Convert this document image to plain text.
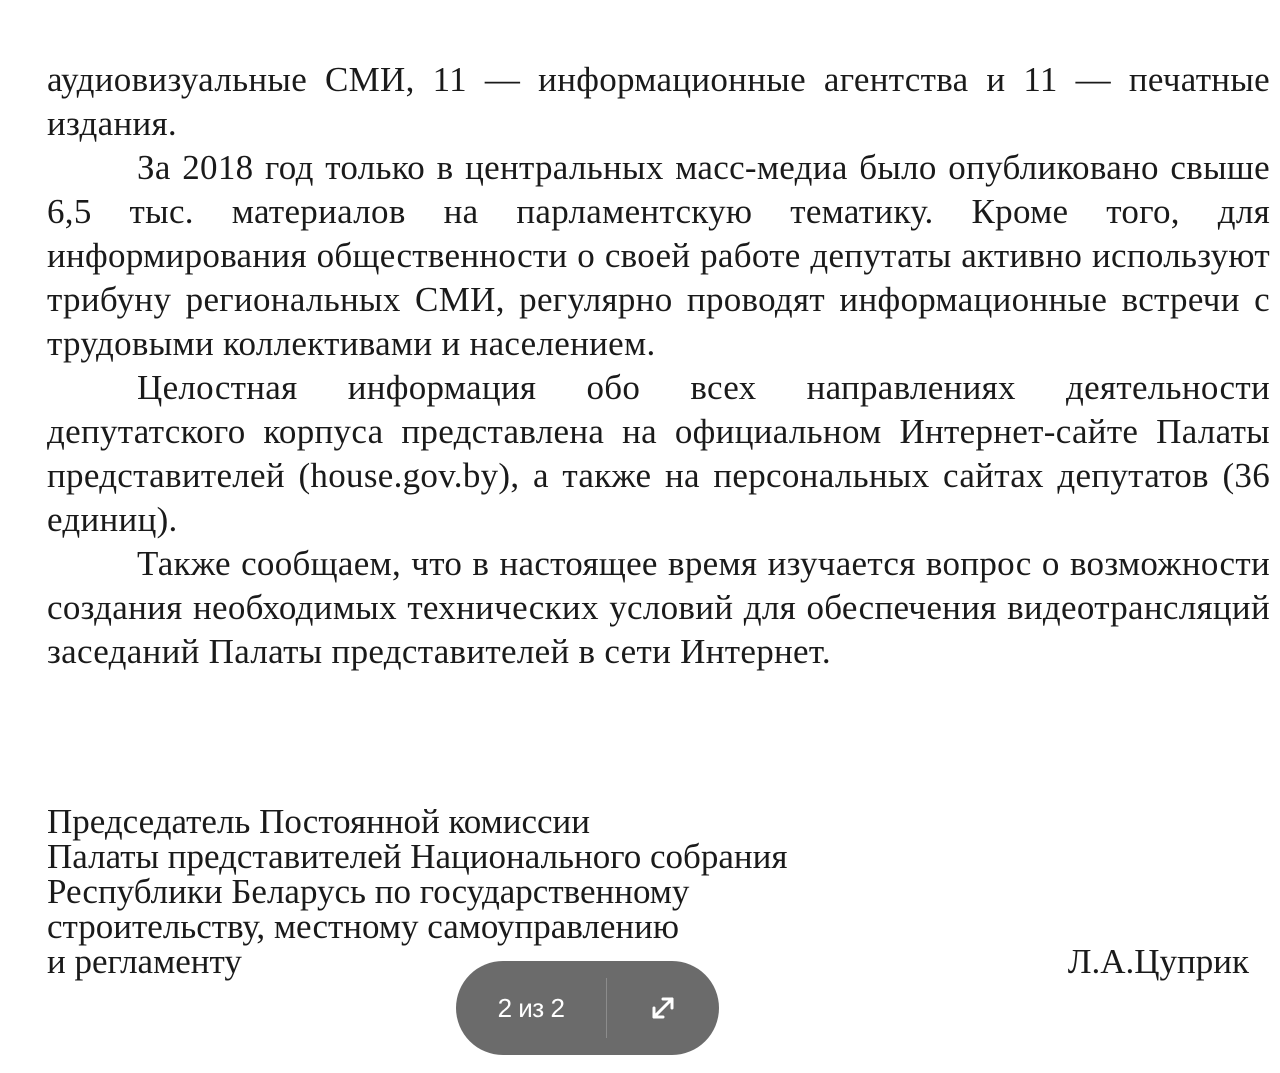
аудиовизуальные СМИ, 11 — информационные агентства и 11 — печатные издания.

За 2018 год только в центральных масс-медиа было опубликовано свыше 6,5 тыс. материалов на парламентскую тематику. Кроме того, для информирования общественности о своей работе депутаты активно используют трибуну региональных СМИ, регулярно проводят информационные встречи с трудовыми коллективами и населением.

Целостная информация обо всех направлениях деятельности депутатского корпуса представлена на официальном Интернет-сайте Палаты представителей (house.gov.by), а также на персональных сайтах депутатов (36 единиц).

Также сообщаем, что в настоящее время изучается вопрос о возможности создания необходимых технических условий для обеспечения видеотрансляций заседаний Палаты представителей в сети Интернет.

Председатель Постоянной комиссии

Палаты представителей Национального собрания

Республики Беларусь по государственному

строительству, местному самоуправлению

и регламенту	Л.А.Цуприк
2 из 2
